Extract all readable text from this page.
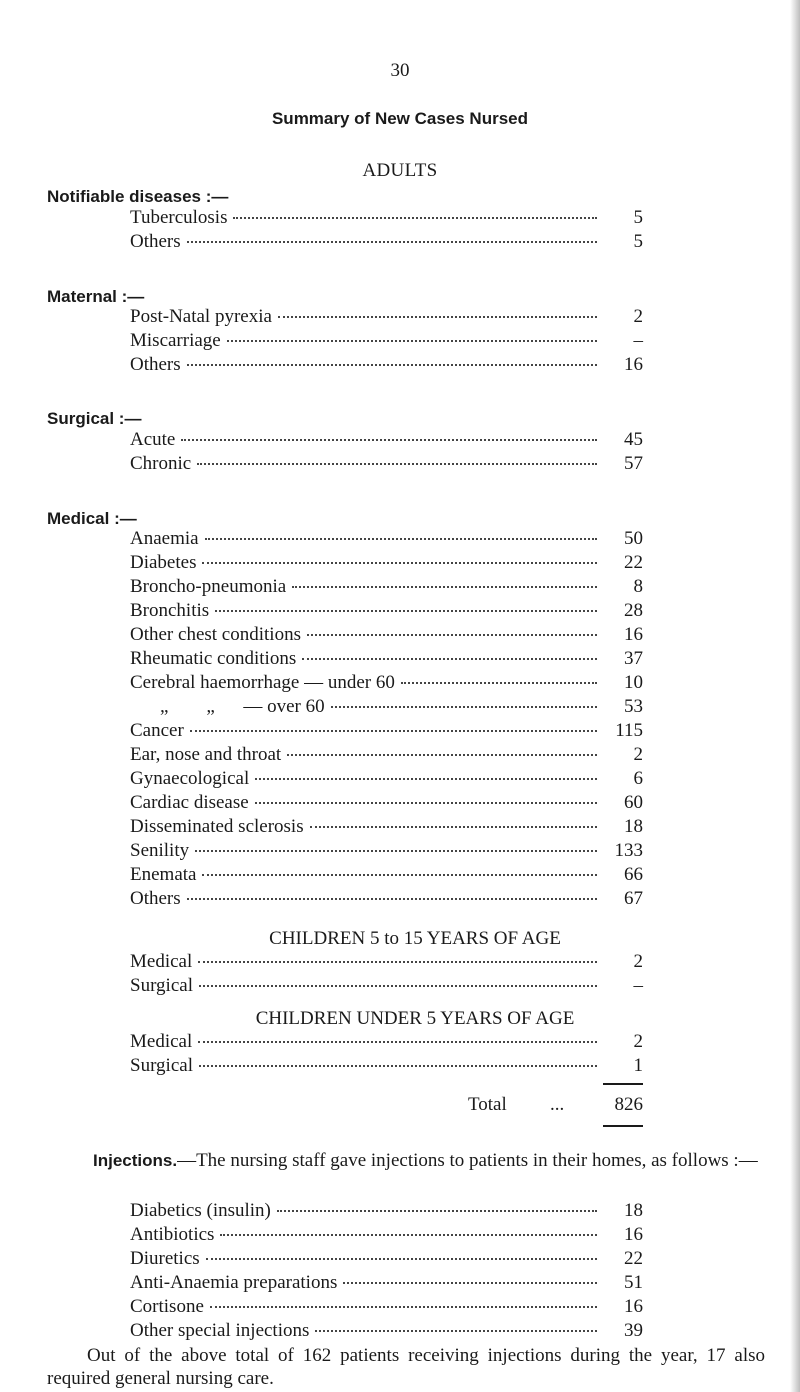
30
Summary of New Cases Nursed
ADULTS
Notifiable diseases :—
Tuberculosis	5
Others	5
Maternal :—
Post-Natal pyrexia	2
Miscarriage	–
Others	16
Surgical :—
Acute	45
Chronic	57
Medical :—
Anaemia	50
Diabetes	22
Broncho-pneumonia	8
Bronchitis	28
Other chest conditions	16
Rheumatic conditions	37
Cerebral haemorrhage — under 60	10
„        „      — over 60	53
Cancer	115
Ear, nose and throat	2
Gynaecological	6
Cardiac disease	60
Disseminated sclerosis	18
Senility	133
Enemata	66
Others	67
CHILDREN 5 to 15 YEARS OF AGE
Medical	2
Surgical	–
CHILDREN UNDER 5 YEARS OF AGE
Medical	2
Surgical	1
Total ...	826
Injections.—The nursing staff gave injections to patients in their homes, as follows :—
Diabetics (insulin)	18
Antibiotics	16
Diuretics	22
Anti-Anaemia preparations	51
Cortisone	16
Other special injections	39
Out of the above total of 162 patients receiving injections during the year, 17 also required general nursing care.
